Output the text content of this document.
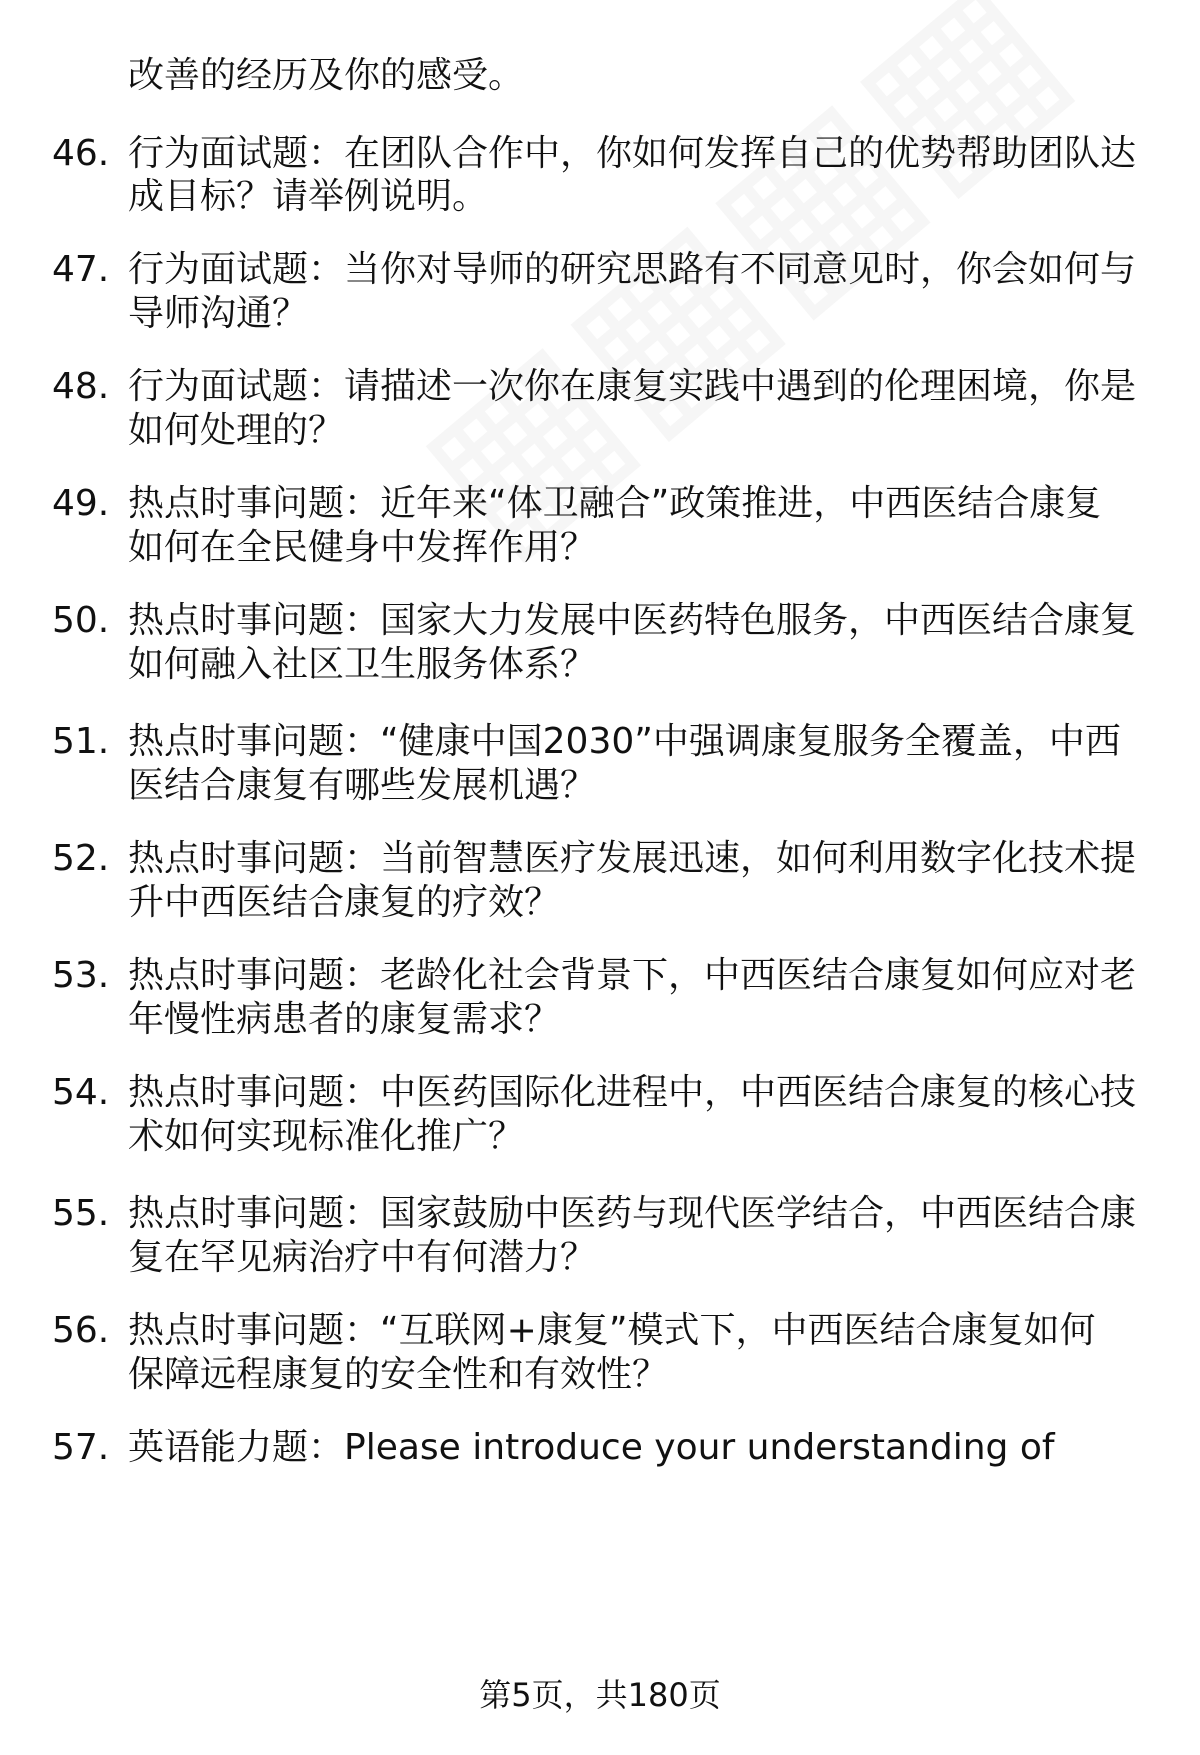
改善的经历及你的感受。
46. 行为面试题：在团队合作中，你如何发挥自己的优势帮助团队达
成目标？请举例说明。
47. 行为面试题：当你对导师的研究思路有不同意见时，你会如何与
导师沟通？
48. 行为面试题：请描述一次你在康复实践中遇到的伦理困境，你是
如何处理的？
49. 热点时事问题：近年来“体卫融合”政策推进，中西医结合康复
如何在全民健身中发挥作用？
50. 热点时事问题：国家大力发展中医药特色服务，中西医结合康复
如何融入社区卫生服务体系？
51. 热点时事问题：“健康中国2030”中强调康复服务全覆盖，中西
医结合康复有哪些发展机遇？
52. 热点时事问题：当前智慧医疗发展迅速，如何利用数字化技术提
升中西医结合康复的疗效？
53. 热点时事问题：老龄化社会背景下，中西医结合康复如何应对老
年慢性病患者的康复需求？
54. 热点时事问题：中医药国际化进程中，中西医结合康复的核心技
术如何实现标准化推广？
55. 热点时事问题：国家鼓励中医药与现代医学结合，中西医结合康
复在罕见病治疗中有何潜力？
56. 热点时事问题：“互联网+康复”模式下，中西医结合康复如何
保障远程康复的安全性和有效性？
57. 英语能力题：Please introduce your understanding of
第5页，共180页
